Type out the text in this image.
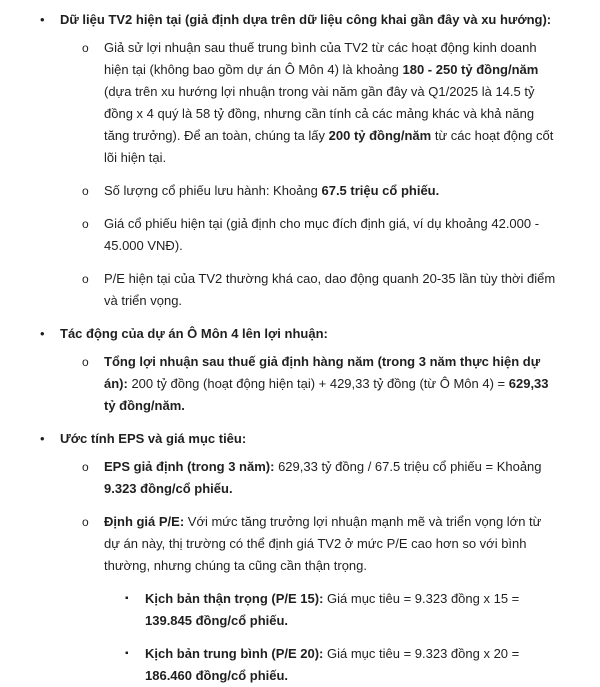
• Dữ liệu TV2 hiện tại (giả định dựa trên dữ liệu công khai gần đây và xu hướng):
o Giả sử lợi nhuận sau thuế trung bình của TV2 từ các hoạt động kinh doanh hiện tại (không bao gồm dự án Ô Môn 4) là khoảng 180 - 250 tỷ đồng/năm (dựa trên xu hướng lợi nhuận trong vài năm gần đây và Q1/2025 là 14.5 tỷ đồng x 4 quý là 58 tỷ đồng, nhưng cần tính cả các mảng khác và khả năng tăng trưởng). Để an toàn, chúng ta lấy 200 tỷ đồng/năm từ các hoạt động cốt lõi hiện tại.
o Số lượng cổ phiếu lưu hành: Khoảng 67.5 triệu cổ phiếu.
o Giá cổ phiếu hiện tại (giả định cho mục đích định giá, ví dụ khoảng 42.000 - 45.000 VNĐ).
o P/E hiện tại của TV2 thường khá cao, dao động quanh 20-35 lần tùy thời điểm và triển vọng.
• Tác động của dự án Ô Môn 4 lên lợi nhuận:
o Tổng lợi nhuận sau thuế giả định hàng năm (trong 3 năm thực hiện dự án): 200 tỷ đồng (hoạt động hiện tại) + 429,33 tỷ đồng (từ Ô Môn 4) = 629,33 tỷ đồng/năm.
• Ước tính EPS và giá mục tiêu:
o EPS giả định (trong 3 năm): 629,33 tỷ đồng / 67.5 triệu cổ phiếu = Khoảng 9.323 đồng/cổ phiếu.
o Định giá P/E: Với mức tăng trưởng lợi nhuận mạnh mẽ và triển vọng lớn từ dự án này, thị trường có thể định giá TV2 ở mức P/E cao hơn so với bình thường, nhưng chúng ta cũng cần thận trọng.
▪ Kịch bản thận trọng (P/E 15): Giá mục tiêu = 9.323 đồng x 15 = 139.845 đồng/cổ phiếu.
▪ Kịch bản trung bình (P/E 20): Giá mục tiêu = 9.323 đồng x 20 = 186.460 đồng/cổ phiếu.
